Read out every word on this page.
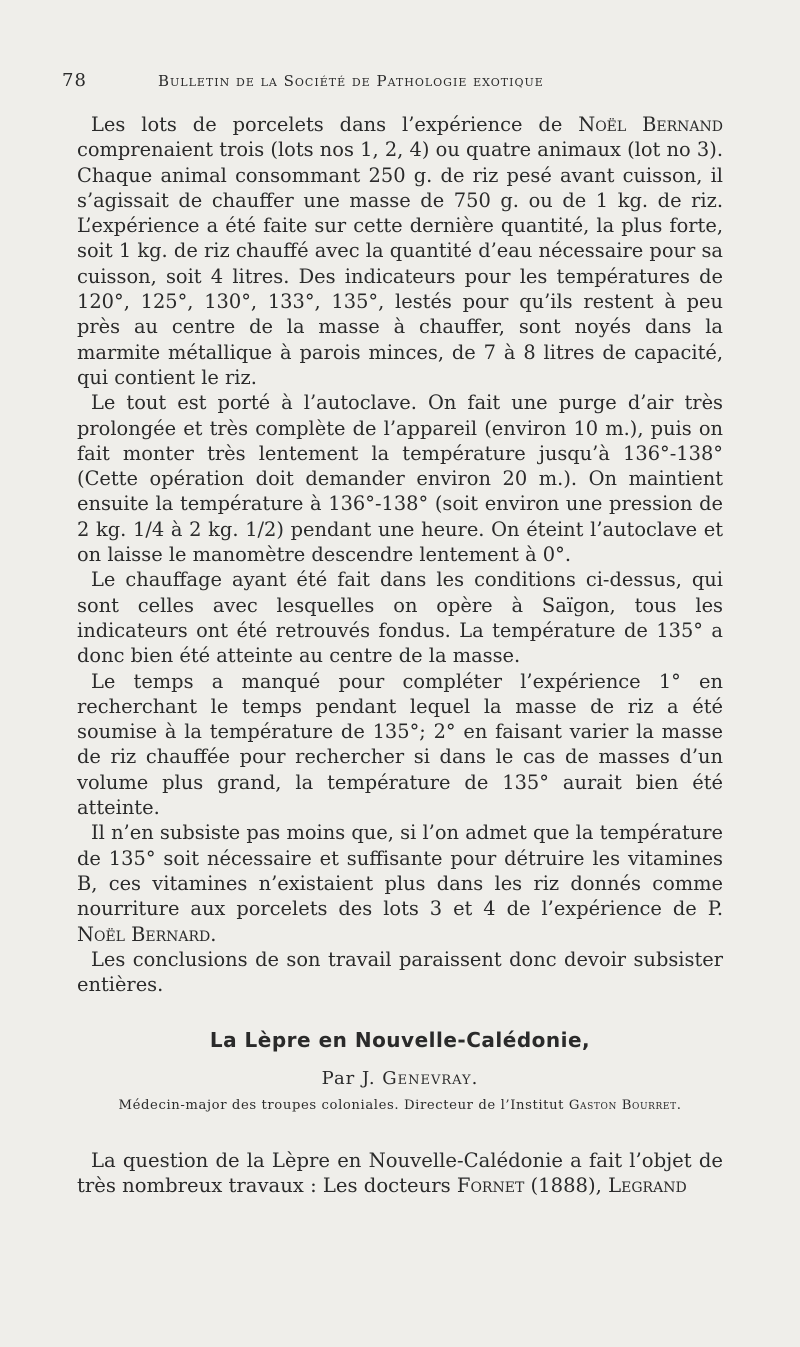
78	Bulletin de la Société de Pathologie exotique

Les lots de porcelets dans l’expérience de Noël Bernand comprenaient trois (lots nos 1, 2, 4) ou quatre animaux (lot no 3). Chaque animal consommant 250 g. de riz pesé avant cuisson, il s’agissait de chauffer une masse de 750 g. ou de 1 kg. de riz. L’expérience a été faite sur cette dernière quantité, la plus forte, soit 1 kg. de riz chauffé avec la quantité d’eau nécessaire pour sa cuisson, soit 4 litres. Des indicateurs pour les températures de 120°, 125°, 130°, 133°, 135°, lestés pour qu’ils restent à peu près au centre de la masse à chauffer, sont noyés dans la marmite métallique à parois minces, de 7 à 8 litres de capacité, qui contient le riz.

Le tout est porté à l’autoclave. On fait une purge d’air très prolongée et très complète de l’appareil (environ 10 m.), puis on fait monter très lentement la température jusqu’à 136°-138° (Cette opération doit demander environ 20 m.). On maintient ensuite la température à 136°-138° (soit environ une pression de 2 kg. 1/4 à 2 kg. 1/2) pendant une heure. On éteint l’autoclave et on laisse le manomètre descendre lentement à 0°.

Le chauffage ayant été fait dans les conditions ci-dessus, qui sont celles avec lesquelles on opère à Saïgon, tous les indicateurs ont été retrouvés fondus. La température de 135° a donc bien été atteinte au centre de la masse.

Le temps a manqué pour compléter l’expérience 1° en recherchant le temps pendant lequel la masse de riz a été soumise à la température de 135°; 2° en faisant varier la masse de riz chauffée pour rechercher si dans le cas de masses d’un volume plus grand, la température de 135° aurait bien été atteinte.

Il n’en subsiste pas moins que, si l’on admet que la température de 135° soit nécessaire et suffisante pour détruire les vitamines B, ces vitamines n’existaient plus dans les riz donnés comme nourriture aux porcelets des lots 3 et 4 de l’expérience de P. Noël Bernard.

Les conclusions de son travail paraissent donc devoir subsister entières.

La Lèpre en Nouvelle-Calédonie,
Par J. Genevray.
Médecin-major des troupes coloniales. Directeur de l’Institut Gaston Bourret.

La question de la Lèpre en Nouvelle-Calédonie a fait l’objet de très nombreux travaux : Les docteurs Fornet (1888), Legrand
